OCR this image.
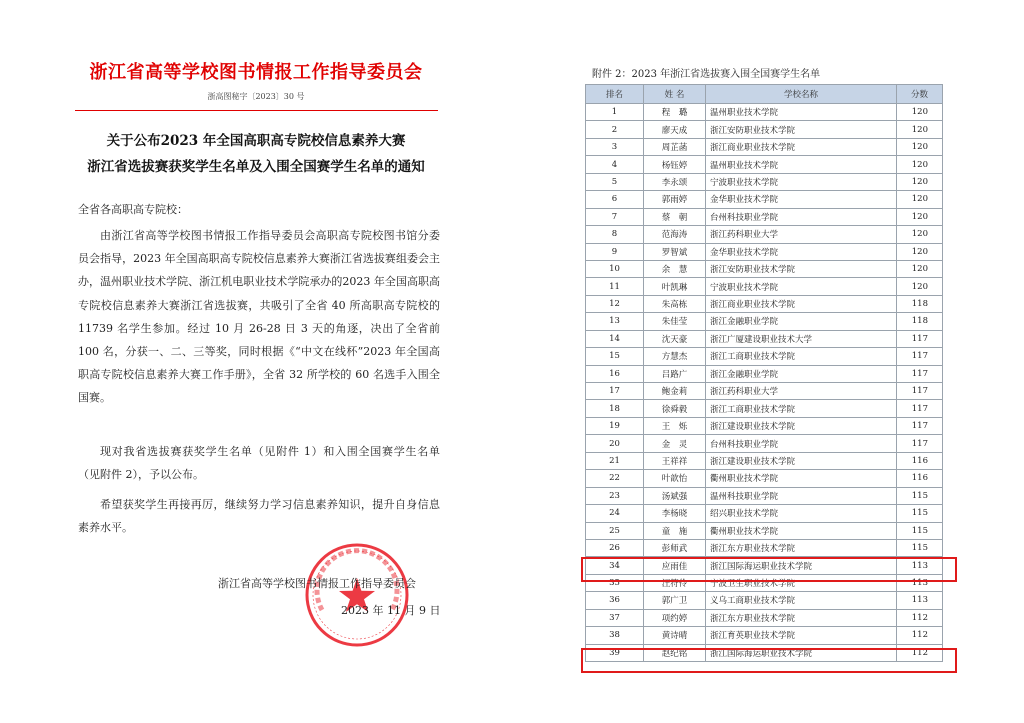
浙江省高等学校图书情报工作指导委员会
浙高图秘字〔2023〕30 号
关于公布2023 年全国高职高专院校信息素养大赛
浙江省选拔赛获奖学生名单及入围全国赛学生名单的通知
全省各高职高专院校：
由浙江省高等学校图书情报工作指导委员会高职高专院校图书馆分委员会指导，2023 年全国高职高专院校信息素养大赛浙江省选拔赛组委会主办，温州职业技术学院、浙江机电职业技术学院承办的2023 年全国高职高专院校信息素养大赛浙江省选拔赛，共吸引了全省 40 所高职高专院校的 11739 名学生参加。经过 10 月 26-28 日 3 天的角逐，决出了全省前 100 名，分获一、二、三等奖，同时根据《“中文在线杯”2023 年全国高职高专院校信息素养大赛工作手册》，全省 32 所学校的 60 名选手入围全国赛。
现对我省选拔赛获奖学生名单（见附件 1）和入围全国赛学生名单（见附件 2），予以公布。
希望获奖学生再接再厉，继续努力学习信息素养知识，提升自身信息素养水平。
浙江省高等学校图书情报工作指导委员会
2023 年 11 月 9 日
附件 2：2023 年浙江省选拔赛入围全国赛学生名单
排名	姓 名	学校名称	分数
1	程　璐	温州职业技术学院	120
2	廖天成	浙江安防职业技术学院	120
3	周芷菡	浙江商业职业技术学院	120
4	杨钰婷	温州职业技术学院	120
5	李永颂	宁波职业技术学院	120
6	郭雨婷	金华职业技术学院	120
7	蔡　朝	台州科技职业学院	120
8	范海涛	浙江药科职业大学	120
9	罗智斌	金华职业技术学院	120
10	余　慧	浙江安防职业技术学院	120
11	叶凯琳	宁波职业技术学院	120
12	朱高栋	浙江商业职业技术学院	118
13	朱佳莹	浙江金融职业学院	118
14	沈天豪	浙江广厦建设职业技术大学	117
15	方慧杰	浙江工商职业技术学院	117
16	吕路广	浙江金融职业学院	117
17	鲍金莉	浙江药科职业大学	117
18	徐舜毅	浙江工商职业技术学院	117
19	王　烁	浙江建设职业技术学院	117
20	金　灵	台州科技职业学院	117
21	王祥祥	浙江建设职业技术学院	116
22	叶歆怡	衢州职业技术学院	116
23	汤斌强	温州科技职业学院	115
24	李杨晓	绍兴职业技术学院	115
25	童　施	衢州职业技术学院	115
26	彭师武	浙江东方职业技术学院	115
34	应雨佳	浙江国际海运职业技术学院	113
35	汪符伶	宁波卫生职业技术学院	113
36	郭广卫	义乌工商职业技术学院	113
37	项约婷	浙江东方职业技术学院	112
38	黄诗晴	浙江育英职业技术学院	112
39	赵纪铭	浙江国际海运职业技术学院	112
